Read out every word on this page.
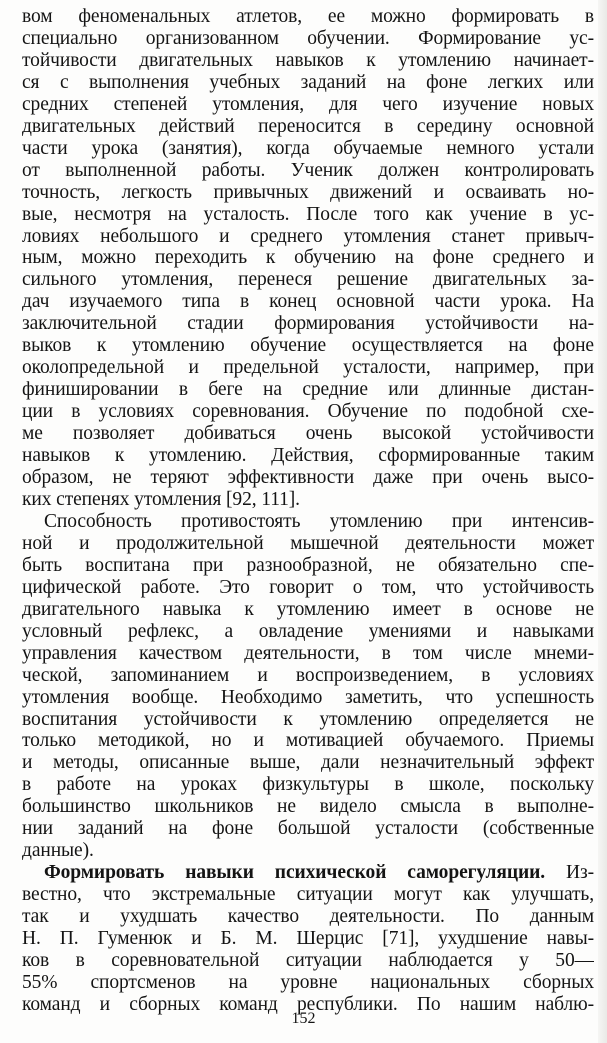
вом феноменальных атлетов, ее можно формировать в
специально организованном обучении. Формирование ус-
тойчивости двигательных навыков к утомлению начинает-
ся с выполнения учебных заданий на фоне легких или
средних степеней утомления, для чего изучение новых
двигательных действий переносится в середину основной
части урока (занятия), когда обучаемые немного устали
от выполненной работы. Ученик должен контролировать
точность, легкость привычных движений и осваивать но-
вые, несмотря на усталость. После того как учение в ус-
ловиях небольшого и среднего утомления станет привыч-
ным, можно переходить к обучению на фоне среднего и
сильного утомления, перенеся решение двигательных за-
дач изучаемого типа в конец основной части урока. На
заключительной стадии формирования устойчивости на-
выков к утомлению обучение осуществляется на фоне
околопредельной и предельной усталости, например, при
финишировании в беге на средние или длинные дистан-
ции в условиях соревнования. Обучение по подобной схе-
ме позволяет добиваться очень высокой устойчивости
навыков к утомлению. Действия, сформированные таким
образом, не теряют эффективности даже при очень высо-
ких степенях утомления [92, 111].
Способность противостоять утомлению при интенсив-
ной и продолжительной мышечной деятельности может
быть воспитана при разнообразной, не обязательно спе-
цифической работе. Это говорит о том, что устойчивость
двигательного навыка к утомлению имеет в основе не
условный рефлекс, а овладение умениями и навыками
управления качеством деятельности, в том числе мнеми-
ческой, запоминанием и воспроизведением, в условиях
утомления вообще. Необходимо заметить, что успешность
воспитания устойчивости к утомлению определяется не
только методикой, но и мотивацией обучаемого. Приемы
и методы, описанные выше, дали незначительный эффект
в работе на уроках физкультуры в школе, поскольку
большинство школьников не видело смысла в выполне-
нии заданий на фоне большой усталости (собственные
данные).
Формировать навыки психической саморегуляции. Из-
вестно, что экстремальные ситуации могут как улучшать,
так и ухудшать качество деятельности. По данным
Н. П. Гуменюк и Б. М. Шерцис [71], ухудшение навы-
ков в соревновательной ситуации наблюдается у 50—
55% спортсменов на уровне национальных сборных
команд и сборных команд республики. По нашим наблю-
152
